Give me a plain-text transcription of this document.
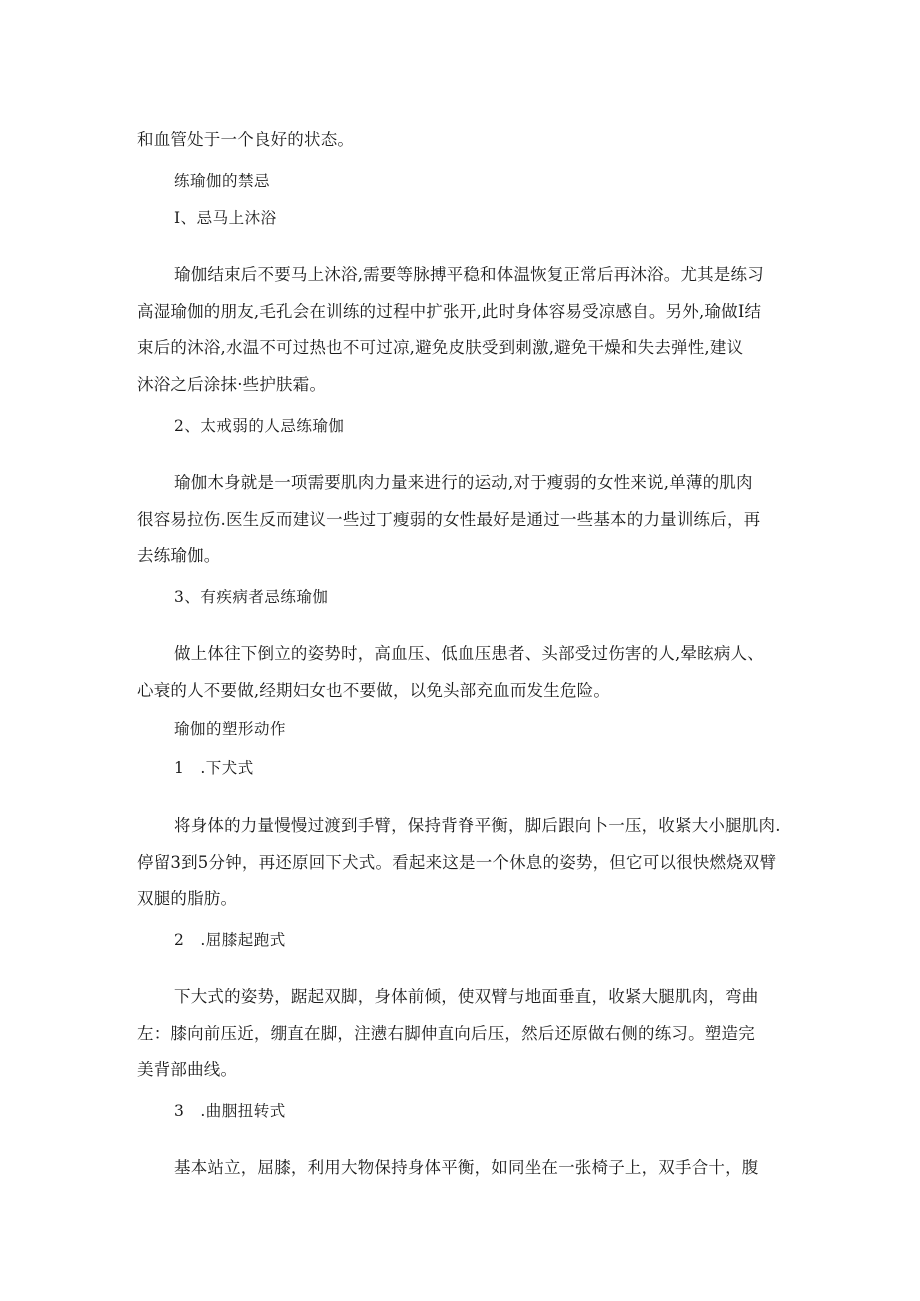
和血管处于一个良好的状态。

练瑜伽的禁忌

I、忌马上沐浴

瑜伽结束后不要马上沐浴,需要等脉搏平稳和体温恢复正常后再沐浴。尤其是练习
高湿瑜伽的朋友,毛孔会在训练的过程中扩张开,此时身体容易受凉感自。另外,瑜做I结
束后的沐浴,水温不可过热也不可过凉,避免皮肤受到刺激,避免干燥和失去弹性,建议
沐浴之后涂抹·些护肤霜。

2、太戒弱的人忌练瑜伽

瑜伽木身就是一项需要肌肉力量来进行的运动,对于瘦弱的女性来说,单薄的肌肉
很容易拉伤.医生反而建议一些过丁瘦弱的女性最好是通过一些基本的力量训练后，再
去练瑜伽。

3、有疾病者忌练瑜伽

做上体往下倒立的姿势时，高血压、低血压患者、头部受过伤害的人,晕眩病人、
心衰的人不要做,经期妇女也不要做，以免头部充血而发生危险。

瑜伽的塑形动作

1　.下犬式

将身体的力量慢慢过渡到手臂，保持背脊平衡，脚后跟向卜一压，收紧大小腿肌肉.
停留3到5分钟，再还原回下犬式。看起来这是一个休息的姿势，但它可以很快燃烧双臂
双腿的脂肪。

2　.屈膝起跑式

下大式的姿势，踞起双脚，身体前倾，使双臂与地面垂直，收紧大腿肌肉，弯曲
左：膝向前压近，绷直在脚，注懑右脚伸直向后压，然后还原做右侧的练习。塑造完
美背部曲线。

3　.曲胭扭转式

基本站立，屈膝，利用大物保持身体平衡，如同坐在一张椅子上，双手合十，腹
